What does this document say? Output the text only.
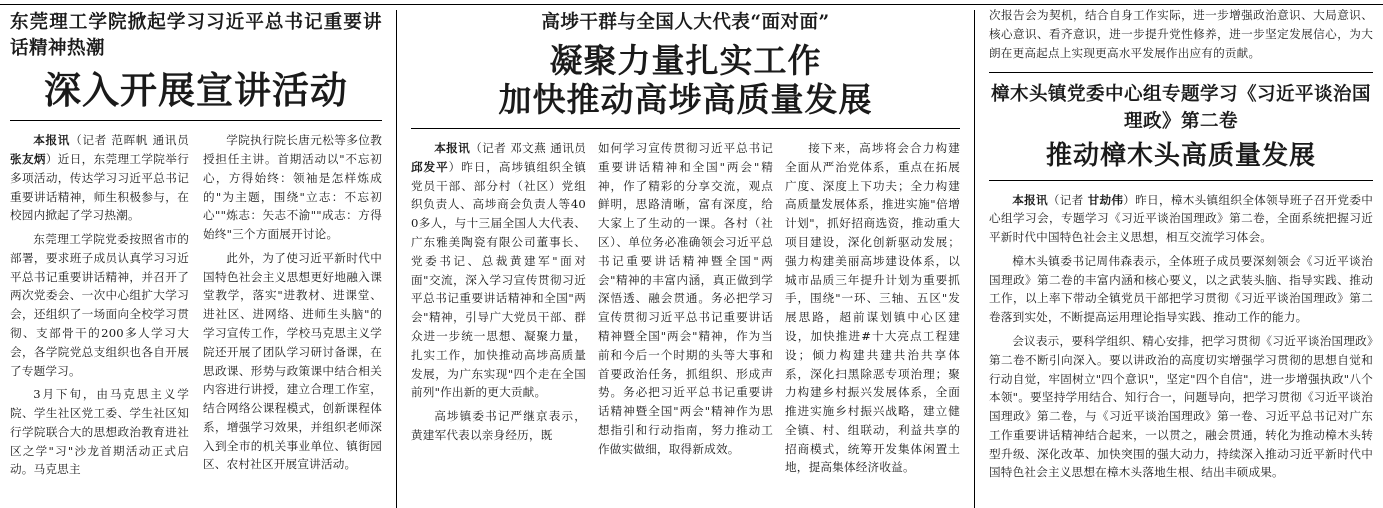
东莞理工学院掀起学习习近平总书记重要讲话精神热潮
深入开展宣讲活动

本报讯（记者 范晖帆 通讯员 张友炳）近日，东莞理工学院举行多项活动，传达学习习近平总书记重要讲话精神，师生积极参与，在校园内掀起了学习热潮。

东莞理工学院党委按照省市的部署，要求班子成员认真学习习近平总书记重要讲话精神，并召开了两次党委会、一次中心组扩大学习会，还组织了一场面向全校学习贯彻、支部骨干的200多人学习大会，各学院党总支组织也各自开展了专题学习。

3月下旬，由马克思主义学院、学生社区党工委、学生社区知行学院联合大的思想政治教育进社区之学"习"沙龙首期活动正式启动。马克思主

学院执行院长唐元松等多位教授担任主讲。首期活动以"不忘初心，方得始终：领袖是怎样炼成的"为主题，围绕"立志：不忘初心""炼志：矢志不渝""成志：方得始终"三个方面展开讨论。

此外，为了使习近平新时代中国特色社会主义思想更好地融入课堂教学，落实"进教材、进课堂、进社区、进网络、进师生头脑"的学习宣传工作，学校马克思主义学院还开展了团队学习研讨备课，在思政课、形势与政策课中结合相关内容进行讲授，建立合理工作室，结合网络公课程模式，创新课程体系，增强学习效果，并组织老师深入到全市的机关事业单位、镇街园区、农村社区开展宣讲活动。

高埗干群与全国人大代表“面对面”
凝聚力量扎实工作
加快推动高埗高质量发展

本报讯（记者 邓文燕 通讯员 邱发平）昨日，高埗镇组织全镇党员干部、部分村（社区）党组织负责人、高埗商会负责人等400多人，与十三届全国人大代表、广东雅美陶瓷有限公司董事长、党委书记、总裁黄建军"面对面"交流，深入学习宣传贯彻习近平总书记重要讲话精神和全国"两会"精神，引导广大党员干部、群众进一步统一思想、凝聚力量，扎实工作，加快推动高埗高质量发展，为广东实现"四个走在全国前列"作出新的更大贡献。

高埗镇委书记严继京表示，黄建军代表以亲身经历，既

如何学习宣传贯彻习近平总书记重要讲话精神和全国"两会"精神，作了精彩的分享交流，观点鲜明，思路清晰，富有深度，给大家上了生动的一课。各村（社区）、单位务必准确领会习近平总书记重要讲话精神暨全国"两会"精神的丰富内涵，真正做到学深悟透、融会贯通。务必把学习宣传贯彻习近平总书记重要讲话精神暨全国"两会"精神，作为当前和今后一个时期的头等大事和首要政治任务，抓组织、形成声势。务必把习近平总书记重要讲话精神暨全国"两会"精神作为思想指引和行动指南，努力推动工作做实做细，取得新成效。

接下来，高埗将会合力构建全面从严治党体系，重点在拓展广度、深度上下功夫；全力构建高质量发展体系，推进实施"倍增计划"，抓好招商选资，推动重大项目建设，深化创新驱动发展；强力构建美丽高埗建设体系，以城市品质三年提升计划为重要抓手，围绕"一环、三轴、五区"发展思路，超前谋划镇中心区建设，加快推进#十大亮点工程建设；倾力构建共建共治共享体系，深化扫黑除恶专项治理；聚力构建乡村振兴发展体系，全面推进实施乡村振兴战略，建立健全镇、村、组联动，利益共享的招商模式，统筹开发集体闲置土地，提高集体经济收益。

次报告会为契机，结合自身工作实际，进一步增强政治意识、大局意识、核心意识、看齐意识，进一步提升党性修养，进一步坚定发展信心，为大朗在更高起点上实现更高水平发展作出应有的贡献。

樟木头镇党委中心组专题学习《习近平谈治国理政》第二卷
推动樟木头高质量发展

本报讯（记者 甘劫伟）昨日，樟木头镇组织全体领导班子召开党委中心组学习会，专题学习《习近平谈治国理政》第二卷，全面系统把握习近平新时代中国特色社会主义思想，相互交流学习体会。

樟木头镇委书记周伟森表示，全体班子成员要深刻领会《习近平谈治国理政》第二卷的丰富内涵和核心要义，以之武装头脑、指导实践、推动工作，以上率下带动全镇党员干部把学习贯彻《习近平谈治国理政》第二卷落到实处，不断提高运用理论指导实践、推动工作的能力。

会议表示，要科学组织、精心安排，把学习贯彻《习近平谈治国理政》第二卷不断引向深入。要以讲政治的高度切实增强学习贯彻的思想自觉和行动自觉，牢固树立"四个意识"，坚定"四个自信"，进一步增强执政"八个本领"。要坚持学用结合、知行合一，问题导向，把学习贯彻《习近平谈治国理政》第二卷，与《习近平谈治国理政》第一卷、习近平总书记对广东工作重要讲话精神结合起来，一以贯之，融会贯通，转化为推动樟木头转型升级、深化改革、加快突围的强大动力，持续深入推动习近平新时代中国特色社会主义思想在樟木头落地生根、结出丰硕成果。
